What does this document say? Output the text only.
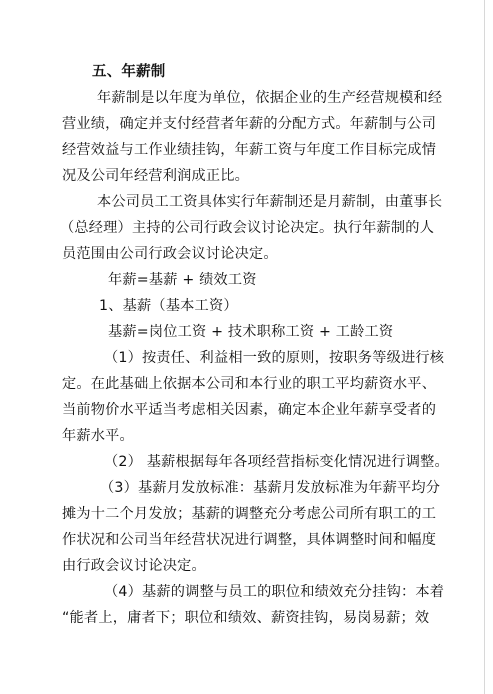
五、年薪制
年薪制是以年度为单位，依据企业的生产经营规模和经
营业绩，确定并支付经营者年薪的分配方式。年薪制与公司
经营效益与工作业绩挂钩，年薪工资与年度工作目标完成情
况及公司年经营利润成正比。
本公司员工工资具体实行年薪制还是月薪制，由董事长
（总经理）主持的公司行政会议讨论决定。执行年薪制的人
员范围由公司行政会议讨论决定。
年薪=基薪 + 绩效工资
1、基薪（基本工资）
基薪=岗位工资 + 技术职称工资 + 工龄工资
（1）按责任、利益相一致的原则，按职务等级进行核
定。在此基础上依据本公司和本行业的职工平均薪资水平、
当前物价水平适当考虑相关因素，确定本企业年薪享受者的
年薪水平。
（2） 基薪根据每年各项经营指标变化情况进行调整。
（3）基薪月发放标准：基薪月发放标准为年薪平均分
摊为十二个月发放；基薪的调整充分考虑公司所有职工的工
作状况和公司当年经营状况进行调整，具体调整时间和幅度
由行政会议讨论决定。
（4）基薪的调整与员工的职位和绩效充分挂钩：本着
“能者上，庸者下；职位和绩效、薪资挂钩，易岗易薪；效
